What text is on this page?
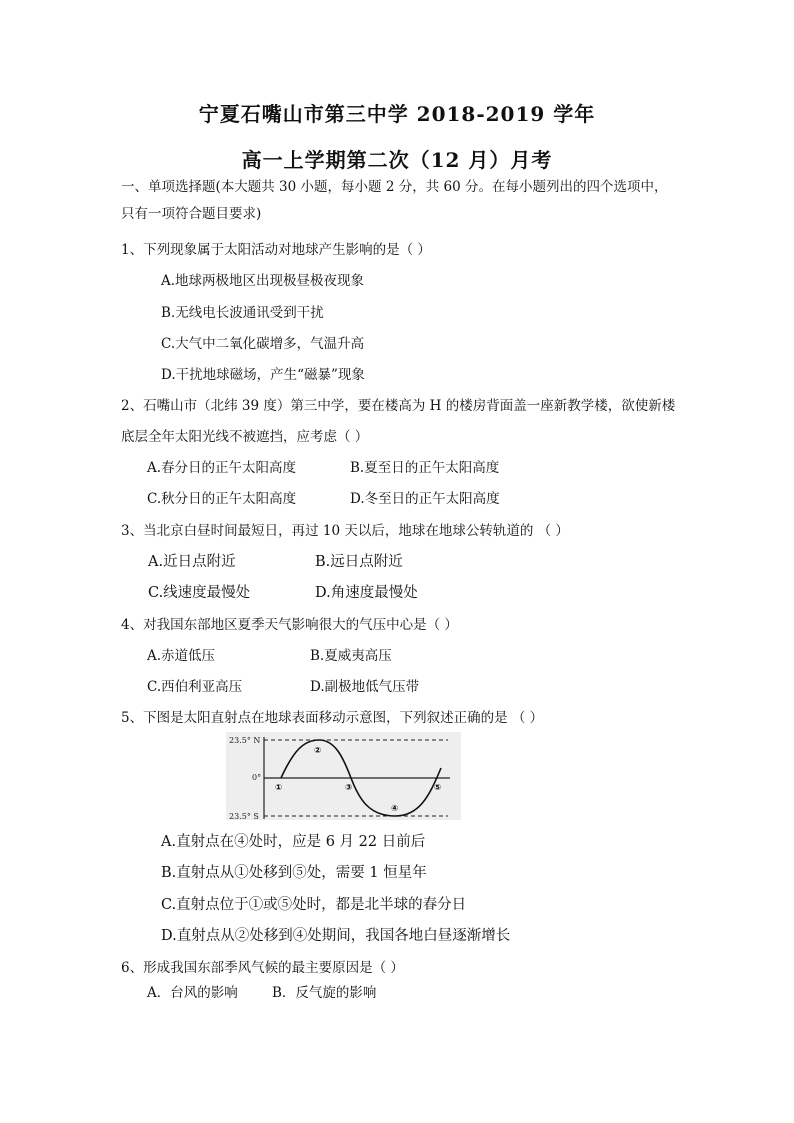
宁夏石嘴山市第三中学 2018-2019 学年
高一上学期第二次（12 月）月考
一、单项选择题(本大题共 30 小题，每小题 2 分，共 60 分。在每小题列出的四个选项中，
只有一项符合题目要求)
1、下列现象属于太阳活动对地球产生影响的是（ ）
A.地球两极地区出现极昼极夜现象
B.无线电长波通讯受到干扰
C.大气中二氧化碳增多，气温升高
D.干扰地球磁场，产生“磁暴”现象
2、石嘴山市（北纬 39 度）第三中学，要在楼高为 H 的楼房背面盖一座新教学楼，欲使新楼
底层全年太阳光线不被遮挡，应考虑（ ）
A.春分日的正午太阳高度	B.夏至日的正午太阳高度
C.秋分日的正午太阳高度	D.冬至日的正午太阳高度
3、当北京白昼时间最短日，再过 10 天以后，地球在地球公转轨道的 （ ）
A.近日点附近	B.远日点附近
C.线速度最慢处	D.角速度最慢处
4、对我国东部地区夏季天气影响很大的气压中心是（ ）
A.赤道低压	B.夏威夷高压
C.西伯利亚高压	D.副极地低气压带
5、下图是太阳直射点在地球表面移动示意图，下列叙述正确的是 （ ）
23.5° N
0°
23.5° S
①
②
③
④
⑤
A.直射点在④处时，应是 6 月 22 日前后
B.直射点从①处移到⑤处，需要 1 恒星年
C.直射点位于①或⑤处时，都是北半球的春分日
D.直射点从②处移到④处期间，我国各地白昼逐渐增长
6、形成我国东部季风气候的最主要原因是（ ）
A．台风的影响	B．反气旋的影响
